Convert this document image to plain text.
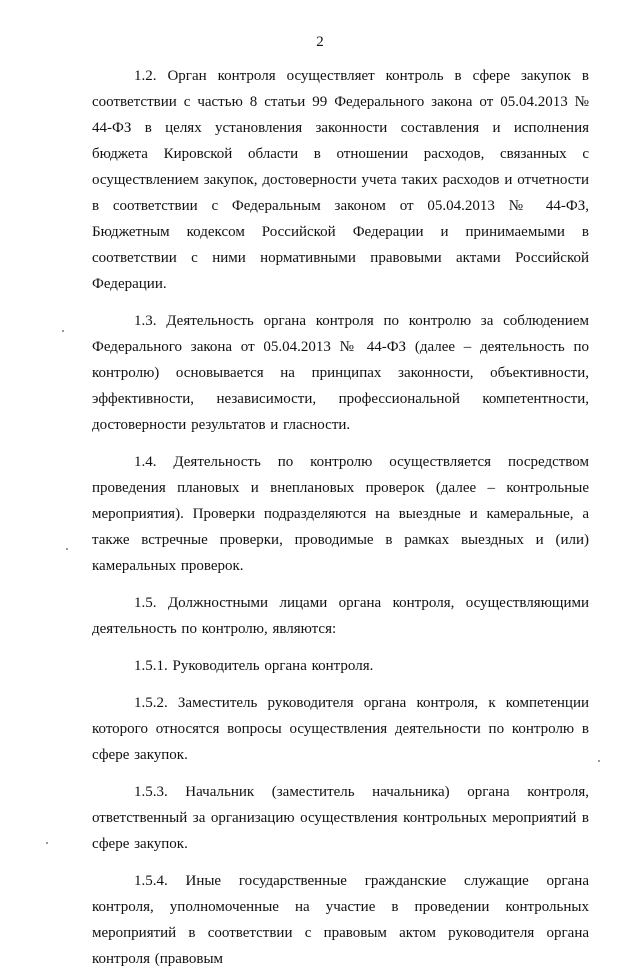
2

1.2. Орган контроля осуществляет контроль в сфере закупок в соответствии с частью 8 статьи 99 Федерального закона от 05.04.2013 № 44-ФЗ в целях установления законности составления и исполнения бюджета Кировской области в отношении расходов, связанных с осуществлением закупок, достоверности учета таких расходов и отчетности в соответствии с Федеральным законом от 05.04.2013 № 44-ФЗ, Бюджетным кодексом Российской Федерации и принимаемыми в соответствии с ними нормативными правовыми актами Российской Федерации.

1.3. Деятельность органа контроля по контролю за соблюдением Федерального закона от 05.04.2013 № 44-ФЗ (далее – деятельность по контролю) основывается на принципах законности, объективности, эффективности, независимости, профессиональной компетентности, достоверности результатов и гласности.

1.4. Деятельность по контролю осуществляется посредством проведения плановых и внеплановых проверок (далее – контрольные мероприятия). Проверки подразделяются на выездные и камеральные, а также встречные проверки, проводимые в рамках выездных и (или) камеральных проверок.

1.5. Должностными лицами органа контроля, осуществляющими деятельность по контролю, являются:

1.5.1. Руководитель органа контроля.

1.5.2. Заместитель руководителя органа контроля, к компетенции которого относятся вопросы осуществления деятельности по контролю в сфере закупок.

1.5.3. Начальник (заместитель начальника) органа контроля, ответственный за организацию осуществления контрольных мероприятий в сфере закупок.

1.5.4. Иные государственные гражданские служащие органа контроля, уполномоченные на участие в проведении контрольных мероприятий в соответствии с правовым актом руководителя органа контроля (правовым
